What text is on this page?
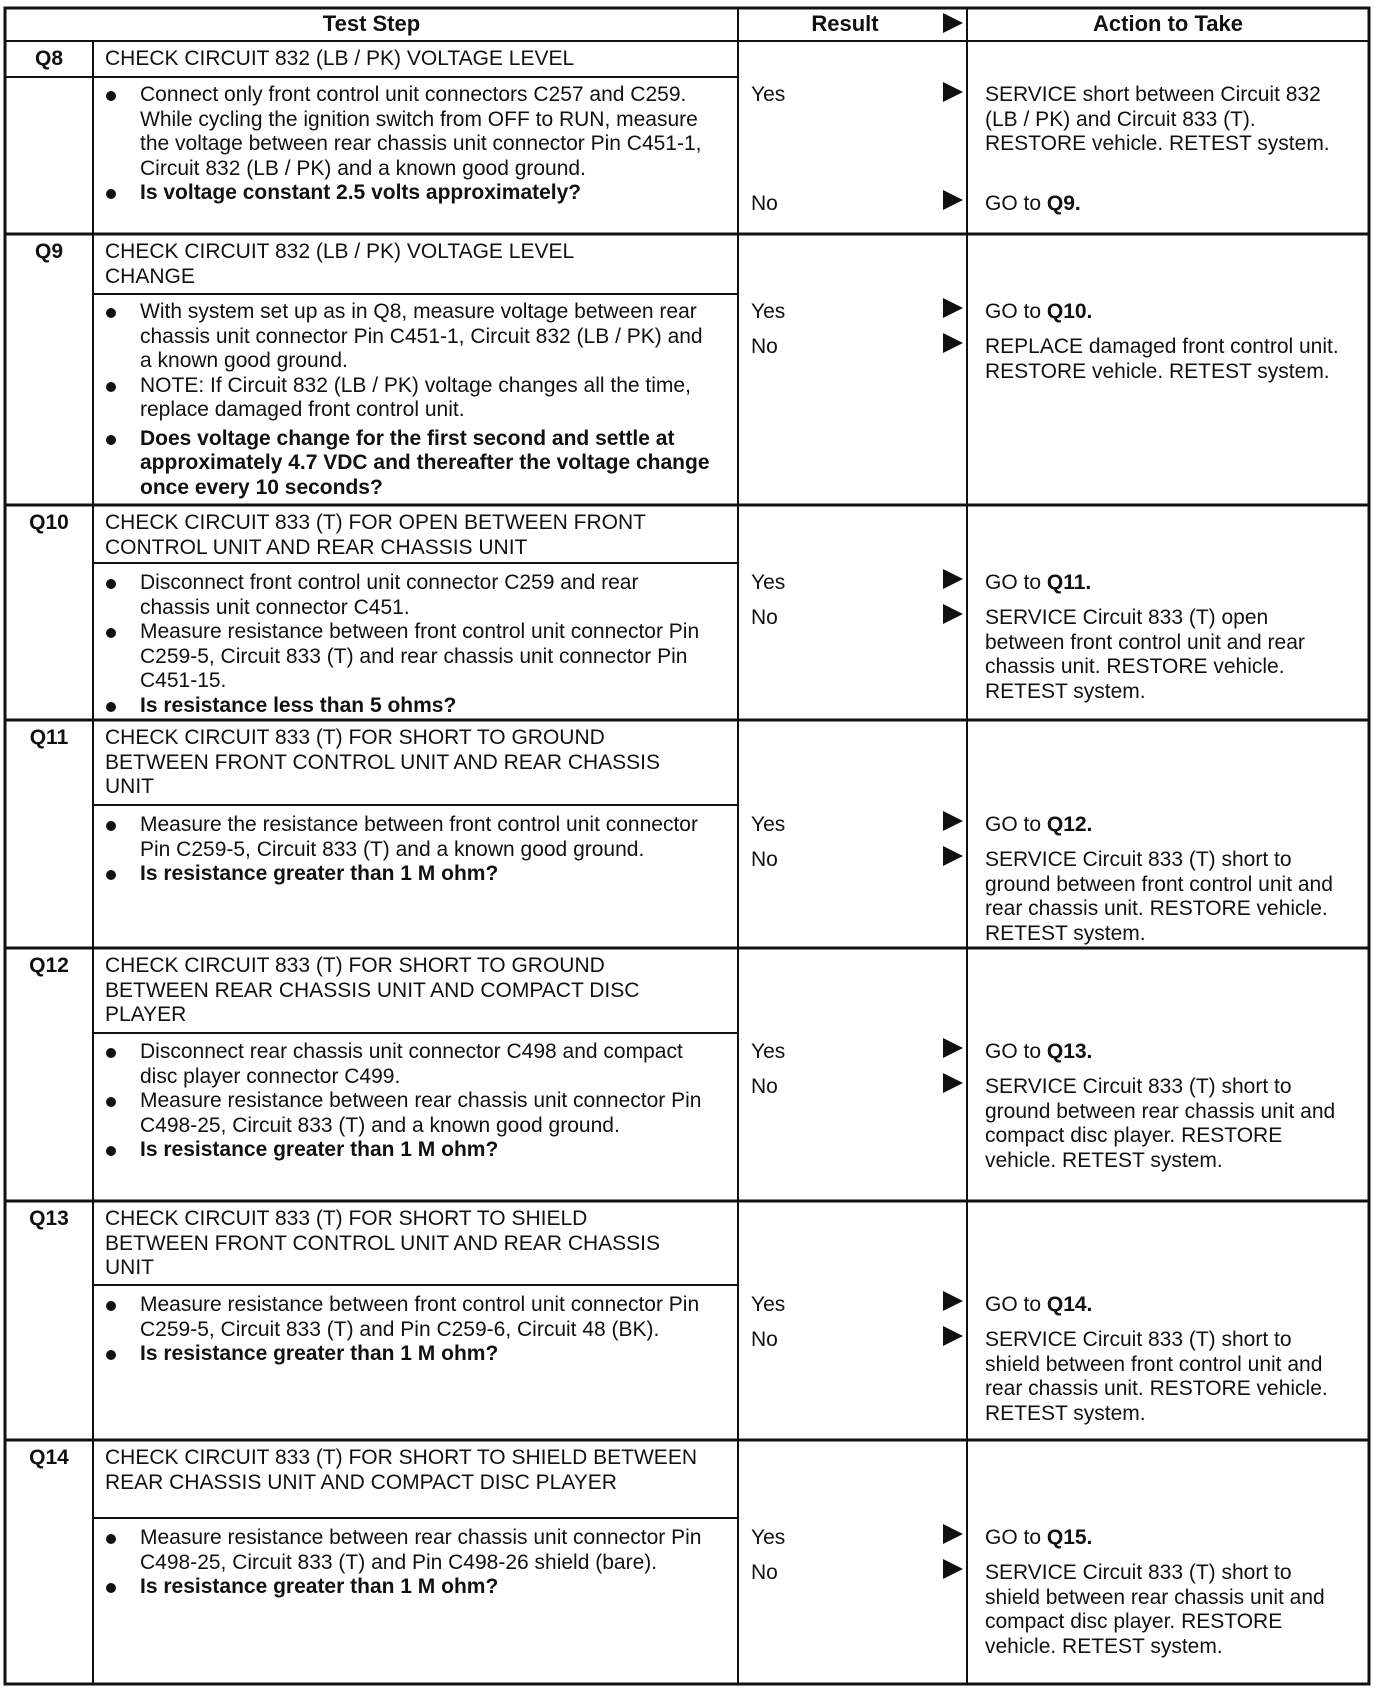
Test Step	Result	Action to Take
Q8	CHECK CIRCUIT 832 (LB / PK) VOLTAGE LEVEL
Connect only front control unit connectors C257 and C259. While cycling the ignition switch from OFF to RUN, measure the voltage between rear chassis unit connector Pin C451-1, Circuit 832 (LB / PK) and a known good ground.
Is voltage constant 2.5 volts approximately?
Yes	SERVICE short between Circuit 832 (LB / PK) and Circuit 833 (T). RESTORE vehicle. RETEST system.
No	GO to Q9.
Q9	CHECK CIRCUIT 832 (LB / PK) VOLTAGE LEVEL CHANGE
With system set up as in Q8, measure voltage between rear chassis unit connector Pin C451-1, Circuit 832 (LB / PK) and a known good ground.
NOTE: If Circuit 832 (LB / PK) voltage changes all the time, replace damaged front control unit.
Does voltage change for the first second and settle at approximately 4.7 VDC and thereafter the voltage change once every 10 seconds?
Yes	GO to Q10.
No	REPLACE damaged front control unit. RESTORE vehicle. RETEST system.
Q10	CHECK CIRCUIT 833 (T) FOR OPEN BETWEEN FRONT CONTROL UNIT AND REAR CHASSIS UNIT
Disconnect front control unit connector C259 and rear chassis unit connector C451.
Measure resistance between front control unit connector Pin C259-5, Circuit 833 (T) and rear chassis unit connector Pin C451-15.
Is resistance less than 5 ohms?
Yes	GO to Q11.
No	SERVICE Circuit 833 (T) open between front control unit and rear chassis unit. RESTORE vehicle. RETEST system.
Q11	CHECK CIRCUIT 833 (T) FOR SHORT TO GROUND BETWEEN FRONT CONTROL UNIT AND REAR CHASSIS UNIT
Measure the resistance between front control unit connector Pin C259-5, Circuit 833 (T) and a known good ground.
Is resistance greater than 1 M ohm?
Yes	GO to Q12.
No	SERVICE Circuit 833 (T) short to ground between front control unit and rear chassis unit. RESTORE vehicle. RETEST system.
Q12	CHECK CIRCUIT 833 (T) FOR SHORT TO GROUND BETWEEN REAR CHASSIS UNIT AND COMPACT DISC PLAYER
Disconnect rear chassis unit connector C498 and compact disc player connector C499.
Measure resistance between rear chassis unit connector Pin C498-25, Circuit 833 (T) and a known good ground.
Is resistance greater than 1 M ohm?
Yes	GO to Q13.
No	SERVICE Circuit 833 (T) short to ground between rear chassis unit and compact disc player. RESTORE vehicle. RETEST system.
Q13	CHECK CIRCUIT 833 (T) FOR SHORT TO SHIELD BETWEEN FRONT CONTROL UNIT AND REAR CHASSIS UNIT
Measure resistance between front control unit connector Pin C259-5, Circuit 833 (T) and Pin C259-6, Circuit 48 (BK).
Is resistance greater than 1 M ohm?
Yes	GO to Q14.
No	SERVICE Circuit 833 (T) short to shield between front control unit and rear chassis unit. RESTORE vehicle. RETEST system.
Q14	CHECK CIRCUIT 833 (T) FOR SHORT TO SHIELD BETWEEN REAR CHASSIS UNIT AND COMPACT DISC PLAYER
Measure resistance between rear chassis unit connector Pin C498-25, Circuit 833 (T) and Pin C498-26 shield (bare).
Is resistance greater than 1 M ohm?
Yes	GO to Q15.
No	SERVICE Circuit 833 (T) short to shield between rear chassis unit and compact disc player. RESTORE vehicle. RETEST system.
